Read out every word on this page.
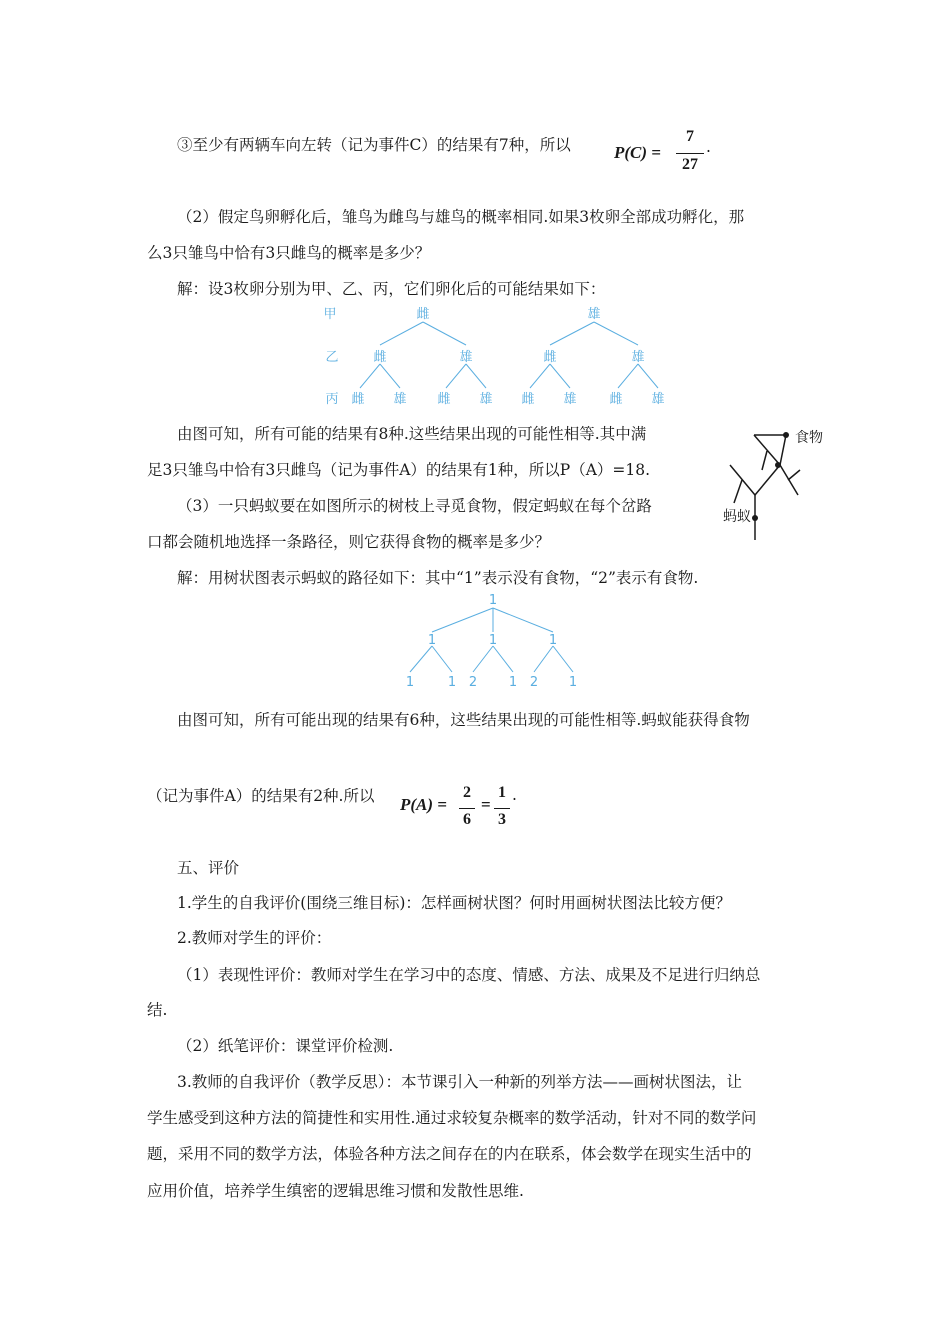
③至少有两辆车向左转（记为事件C）的结果有7种，所以	P(C) =
7
27
.
（2）假定鸟卵孵化后，雏鸟为雌鸟与雄鸟的概率相同.如果3枚卵全部成功孵化，那
么3只雏鸟中恰有3只雌鸟的概率是多少？
解：设3枚卵分别为甲、乙、丙，它们卵化后的可能结果如下：
甲
乙
丙
雌
雌	雄
雌 雄 雌 雄
雄
雌	雄
雌 雄	雌 雄
由图可知，所有可能的结果有8种.这些结果出现的可能性相等.其中满
足3只雏鸟中恰有3只雌鸟（记为事件A）的结果有1种，所以P（A）=18.
食物
蚂蚁
（3）一只蚂蚁要在如图所示的树枝上寻觅食物，假定蚂蚁在每个岔路
口都会随机地选择一条路径，则它获得食物的概率是多少？
解：用树状图表示蚂蚁的路径如下：其中“1”表示没有食物，“2”表示有食物.
1
1	1	1
1	1 2 1 2 1
由图可知，所有可能出现的结果有6种，这些结果出现的可能性相等.蚂蚁能获得食物
（记为事件A）的结果有2种.所以 P(A) =
2
6
=
1
3
.
五、评价
1.学生的自我评价(围绕三维目标)：怎样画树状图？何时用画树状图法比较方便？
2.教师对学生的评价：
（1）表现性评价：教师对学生在学习中的态度、情感、方法、成果及不足进行归纳总
结.
（2）纸笔评价：课堂评价检测.
3.教师的自我评价（教学反思）：本节课引入一种新的列举方法——画树状图法，让
学生感受到这种方法的简捷性和实用性.通过求较复杂概率的数学活动，针对不同的数学问
题，采用不同的数学方法，体验各种方法之间存在的内在联系，体会数学在现实生活中的
应用价值，培养学生缜密的逻辑思维习惯和发散性思维.
